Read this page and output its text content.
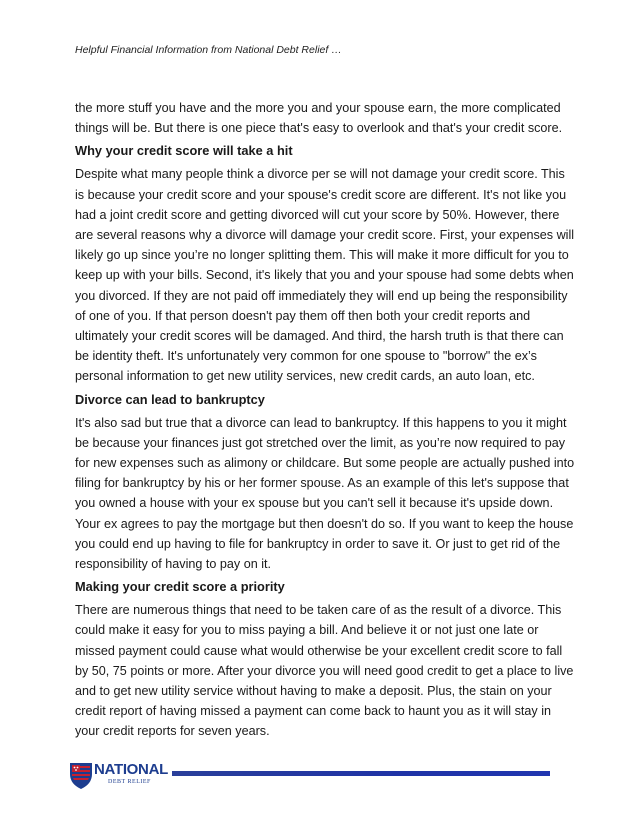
Helpful Financial Information from National Debt Relief …

the more stuff you have and the more you and your spouse earn, the more complicated things will be. But there is one piece that's easy to overlook and that's your credit score.

Why your credit score will take a hit

Despite what many people think a divorce per se will not damage your credit score. This is because your credit score and your spouse's credit score are different. It's not like you had a joint credit score and getting divorced will cut your score by 50%. However, there are several reasons why a divorce will damage your credit score. First, your expenses will likely go up since you’re no longer splitting them. This will make it more difficult for you to keep up with your bills. Second, it's likely that you and your spouse had some debts when you divorced. If they are not paid off immediately they will end up being the responsibility of one of you. If that person doesn't pay them off then both your credit reports and ultimately your credit scores will be damaged. And third, the harsh truth is that there can be identity theft. It's unfortunately very common for one spouse to "borrow" the ex’s personal information to get new utility services, new credit cards, an auto loan, etc.

Divorce can lead to bankruptcy

It's also sad but true that a divorce can lead to bankruptcy. If this happens to you it might be because your finances just got stretched over the limit, as you’re now required to pay for new expenses such as alimony or childcare. But some people are actually pushed into filing for bankruptcy by his or her former spouse. As an example of this let's suppose that you owned a house with your ex spouse but you can't sell it because it's upside down. Your ex agrees to pay the mortgage but then doesn't do so. If you want to keep the house you could end up having to file for bankruptcy in order to save it. Or just to get rid of the responsibility of having to pay on it.

Making your credit score a priority

There are numerous things that need to be taken care of as the result of a divorce. This could make it easy for you to miss paying a bill. And believe it or not just one late or missed payment could cause what would otherwise be your excellent credit score to fall by 50, 75 points or more. After your divorce you will need good credit to get a place to live and to get new utility service without having to make a deposit. Plus, the stain on your credit report of having missed a payment can come back to haunt you as it will stay in your credit reports for seven years.

NATIONAL
DEBT RELIEF
